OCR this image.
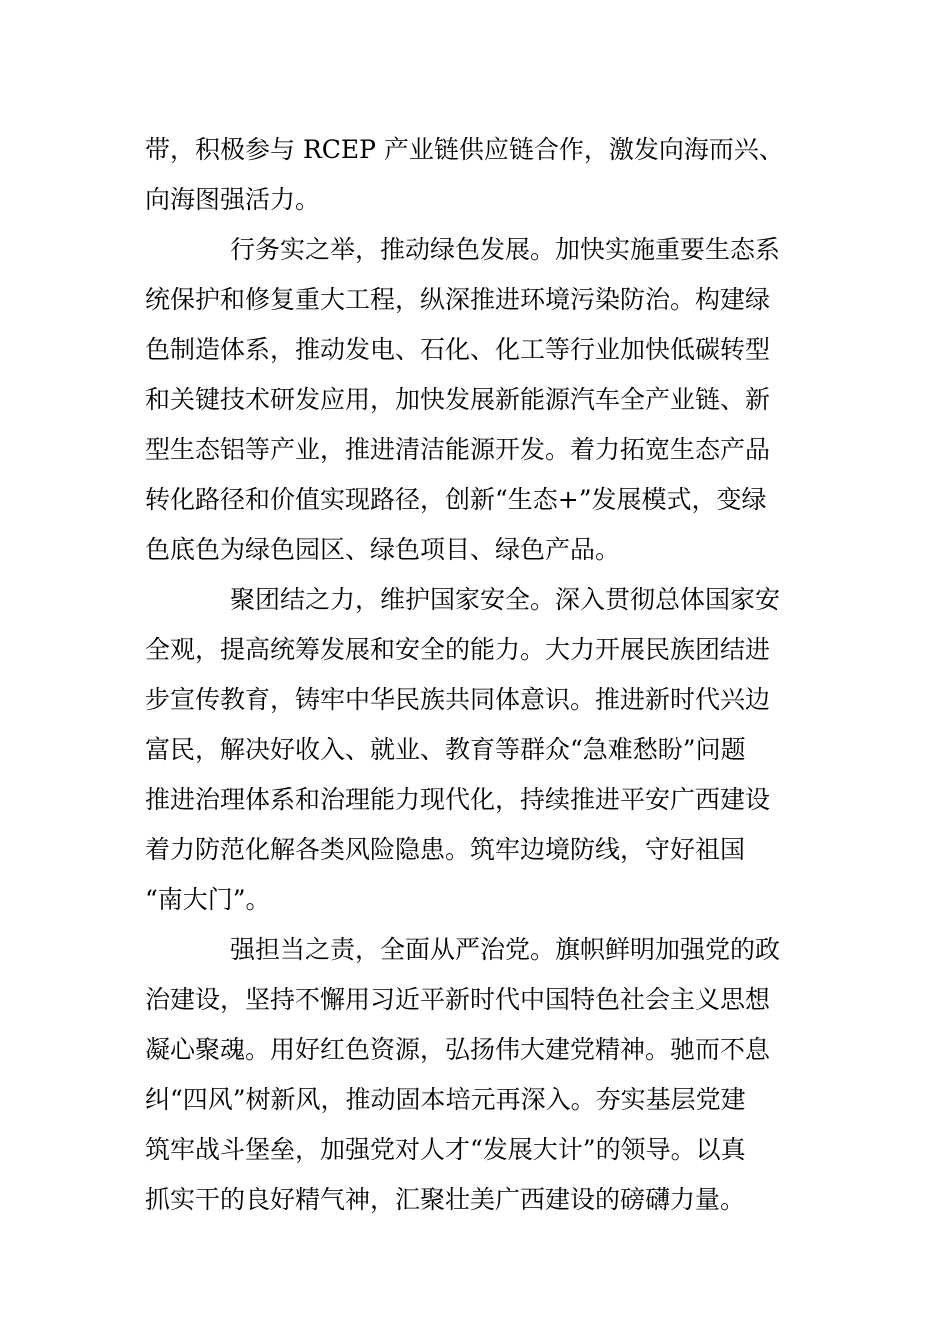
带，积极参与 RCEP 产业链供应链合作，激发向海而兴、
向海图强活力。
行务实之举，推动绿色发展。加快实施重要生态系
统保护和修复重大工程，纵深推进环境污染防治。构建绿
色制造体系，推动发电、石化、化工等行业加快低碳转型
和关键技术研发应用，加快发展新能源汽车全产业链、新
型生态铝等产业，推进清洁能源开发。着力拓宽生态产品
转化路径和价值实现路径，创新“生态+”发展模式，变绿
色底色为绿色园区、绿色项目、绿色产品。
聚团结之力，维护国家安全。深入贯彻总体国家安
全观，提高统筹发展和安全的能力。大力开展民族团结进
步宣传教育，铸牢中华民族共同体意识。推进新时代兴边
富民，解决好收入、就业、教育等群众“急难愁盼”问题
推进治理体系和治理能力现代化，持续推进平安广西建设
着力防范化解各类风险隐患。筑牢边境防线，守好祖国
“南大门”。
强担当之责，全面从严治党。旗帜鲜明加强党的政
治建设，坚持不懈用习近平新时代中国特色社会主义思想
凝心聚魂。用好红色资源，弘扬伟大建党精神。驰而不息
纠“四风”树新风，推动固本培元再深入。夯实基层党建
筑牢战斗堡垒，加强党对人才“发展大计”的领导。以真
抓实干的良好精气神，汇聚壮美广西建设的磅礴力量。
